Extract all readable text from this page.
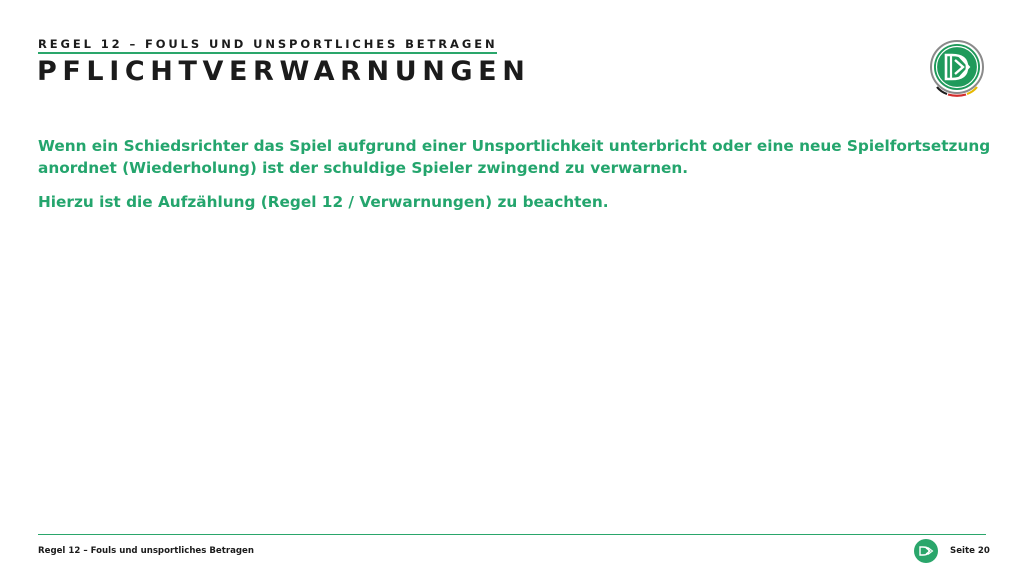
REGEL 12 – FOULS UND UNSPORTLICHES BETRAGEN
PFLICHTVERWARNUNGEN

Wenn ein Schiedsrichter das Spiel aufgrund einer Unsportlichkeit unterbricht oder eine neue Spielfortsetzung anordnet (Wiederholung) ist der schuldige Spieler zwingend zu verwarnen.

Hierzu ist die Aufzählung (Regel 12 / Verwarnungen) zu beachten.

Regel 12 – Fouls und unsportliches Betragen	Seite 20
